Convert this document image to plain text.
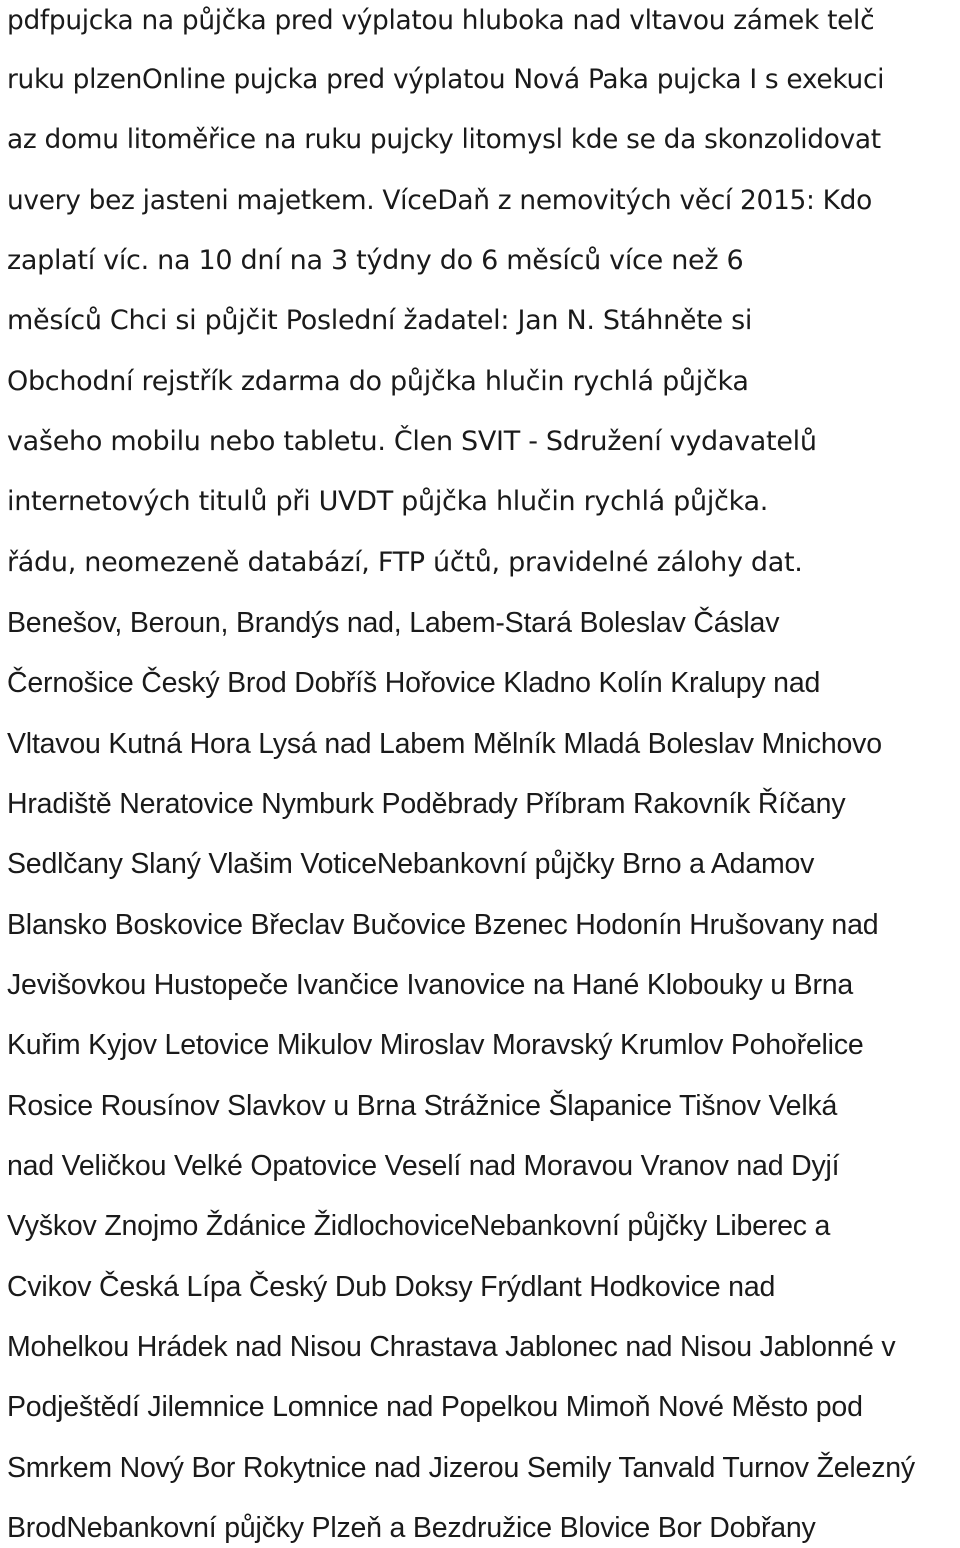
pdfpujcka na půjčka pred výplatou hluboka nad vltavou zámek telč
ruku plzenOnline pujcka pred výplatou Nová Paka pujcka I s exekuci
az domu litoměřice na ruku pujcky litomysl kde se da skonzolidovat
uvery bez jasteni majetkem. VíceDaň z nemovitých věcí 2015: Kdo
zaplatí víc. na 10 dní na 3 týdny do 6 měsíců více než 6
měsíců Chci si půjčit Poslední žadatel: Jan N. Stáhněte si
Obchodní rejstřík zdarma do půjčka hlučin rychlá půjčka
vašeho mobilu nebo tabletu. Člen SVIT - Sdružení vydavatelů
internetových titulů při UVDT půjčka hlučin rychlá půjčka.
řádu, neomezeně databází, FTP účtů, pravidelné zálohy dat.
Benešov, Beroun, Brandýs nad, Labem-Stará Boleslav Čáslav
Černošice Český Brod Dobříš Hořovice Kladno Kolín Kralupy nad
Vltavou Kutná Hora Lysá nad Labem Mělník Mladá Boleslav Mnichovo
Hradiště Neratovice Nymburk Poděbrady Příbram Rakovník Říčany
Sedlčany Slaný Vlašim VoticeNebankovní půjčky Brno a Adamov
Blansko Boskovice Břeclav Bučovice Bzenec Hodonín Hrušovany nad
Jevišovkou Hustopeče Ivančice Ivanovice na Hané Klobouky u Brna
Kuřim Kyjov Letovice Mikulov Miroslav Moravský Krumlov Pohořelice
Rosice Rousínov Slavkov u Brna Strážnice Šlapanice Tišnov Velká
nad Veličkou Velké Opatovice Veselí nad Moravou Vranov nad Dyjí
Vyškov Znojmo Ždánice ŽidlochoviceNebankovní půjčky Liberec a
Cvikov Česká Lípa Český Dub Doksy Frýdlant Hodkovice nad
Mohelkou Hrádek nad Nisou Chrastava Jablonec nad Nisou Jablonné v
Podještědí Jilemnice Lomnice nad Popelkou Mimoň Nové Město pod
Smrkem Nový Bor Rokytnice nad Jizerou Semily Tanvald Turnov Železný
BrodNebankovní půjčky Plzeň a Bezdružice Blovice Bor Dobřany
